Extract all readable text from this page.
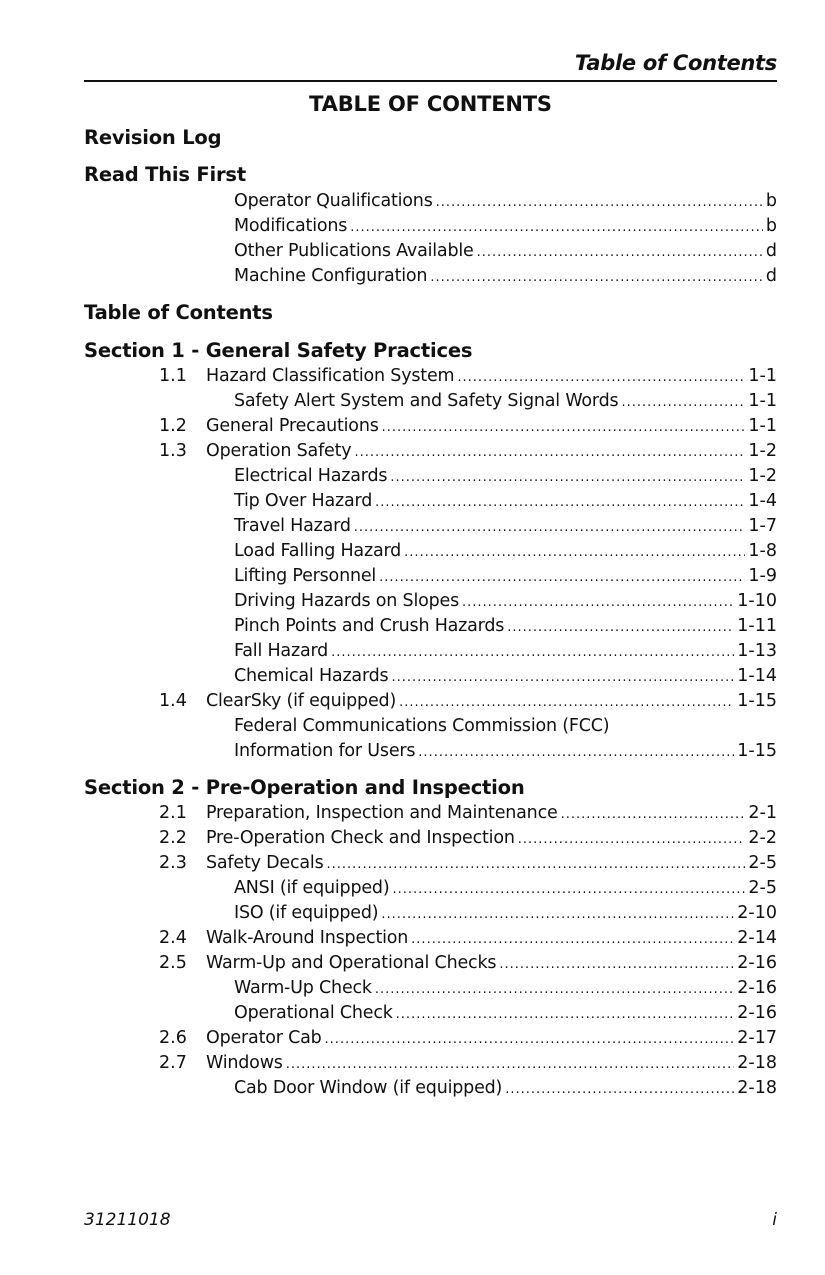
Table of Contents
TABLE OF CONTENTS
Revision Log
Read This First
Operator Qualifications .....	b
Modifications .....	b
Other Publications Available .....	d
Machine Configuration .....	d
Table of Contents
Section 1 - General Safety Practices
1.1 Hazard Classification System .....	1-1
Safety Alert System and Safety Signal Words .....	1-1
1.2 General Precautions .....	1-1
1.3 Operation Safety .....	1-2
Electrical Hazards .....	1-2
Tip Over Hazard .....	1-4
Travel Hazard .....	1-7
Load Falling Hazard .....	1-8
Lifting Personnel .....	1-9
Driving Hazards on Slopes .....	1-10
Pinch Points and Crush Hazards .....	1-11
Fall Hazard .....	1-13
Chemical Hazards .....	1-14
1.4 ClearSky (if equipped) .....	1-15
Federal Communications Commission (FCC)
Information for Users .....	1-15
Section 2 - Pre-Operation and Inspection
2.1 Preparation, Inspection and Maintenance .....	2-1
2.2 Pre-Operation Check and Inspection .....	2-2
2.3 Safety Decals .....	2-5
ANSI (if equipped) .....	2-5
ISO (if equipped) .....	2-10
2.4 Walk-Around Inspection .....	2-14
2.5 Warm-Up and Operational Checks .....	2-16
Warm-Up Check .....	2-16
Operational Check .....	2-16
2.6 Operator Cab .....	2-17
2.7 Windows .....	2-18
Cab Door Window (if equipped) .....	2-18
31211018	i
